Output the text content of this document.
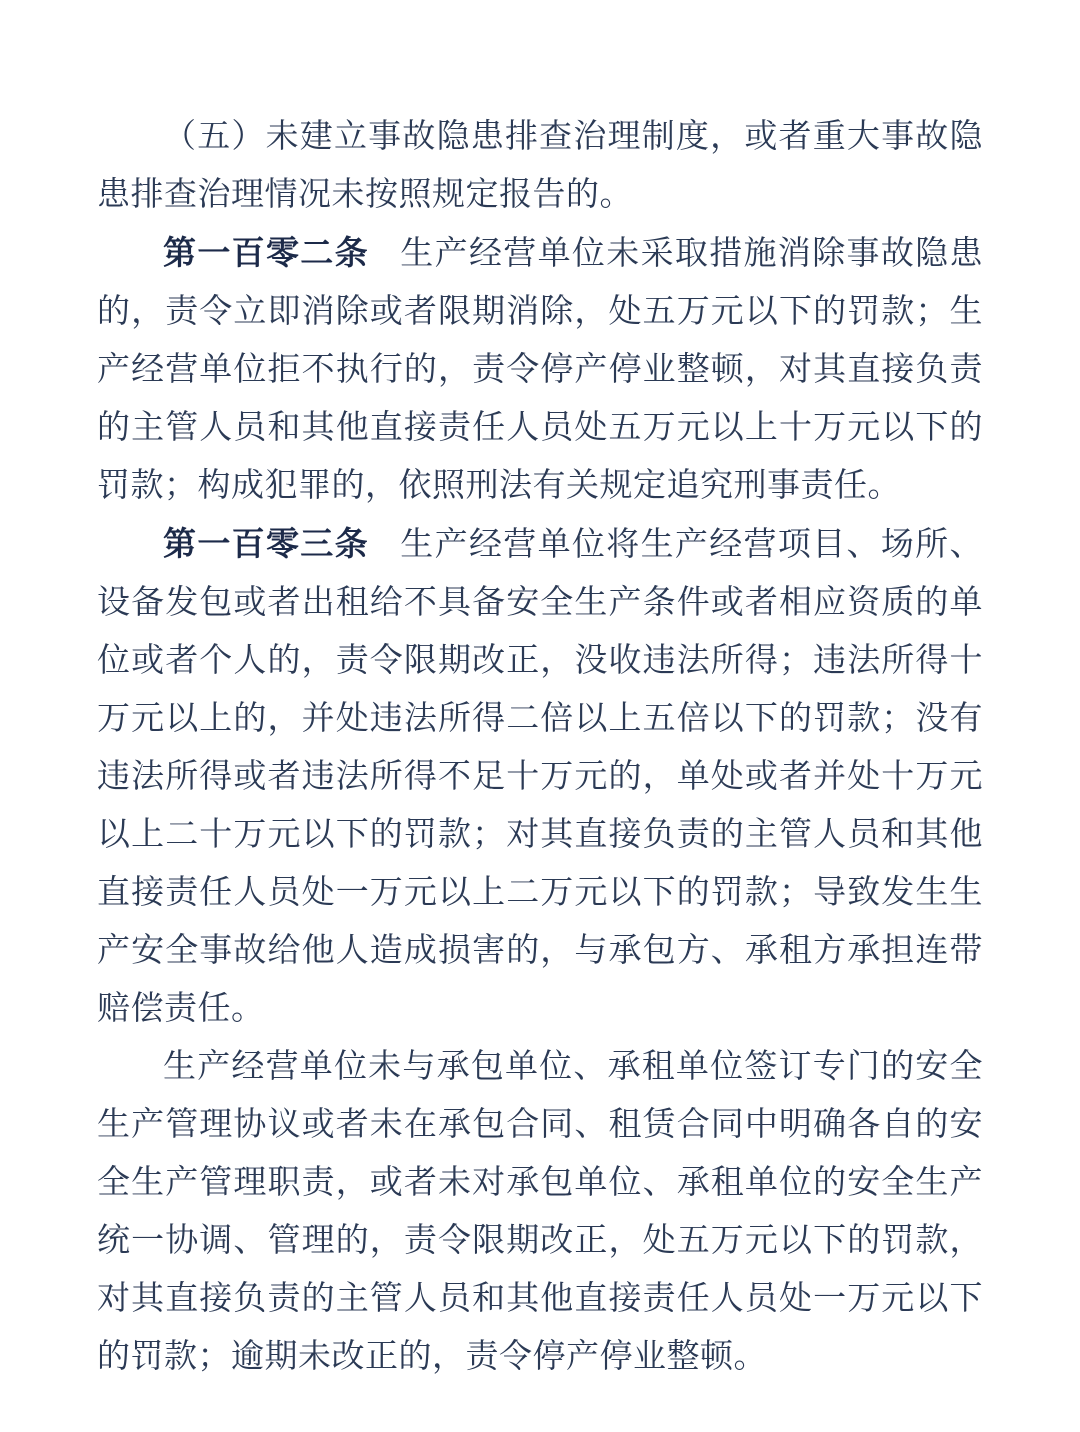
（五）未建立事故隐患排查治理制度，或者重大事故隐患排查治理情况未按照规定报告的。

第一百零二条 生产经营单位未采取措施消除事故隐患的，责令立即消除或者限期消除，处五万元以下的罚款；生产经营单位拒不执行的，责令停产停业整顿，对其直接负责的主管人员和其他直接责任人员处五万元以上十万元以下的罚款；构成犯罪的，依照刑法有关规定追究刑事责任。

第一百零三条 生产经营单位将生产经营项目、场所、设备发包或者出租给不具备安全生产条件或者相应资质的单位或者个人的，责令限期改正，没收违法所得；违法所得十万元以上的，并处违法所得二倍以上五倍以下的罚款；没有违法所得或者违法所得不足十万元的，单处或者并处十万元以上二十万元以下的罚款；对其直接负责的主管人员和其他直接责任人员处一万元以上二万元以下的罚款；导致发生生产安全事故给他人造成损害的，与承包方、承租方承担连带赔偿责任。

生产经营单位未与承包单位、承租单位签订专门的安全生产管理协议或者未在承包合同、租赁合同中明确各自的安全生产管理职责，或者未对承包单位、承租单位的安全生产统一协调、管理的，责令限期改正，处五万元以下的罚款，对其直接负责的主管人员和其他直接责任人员处一万元以下的罚款；逾期未改正的，责令停产停业整顿。
